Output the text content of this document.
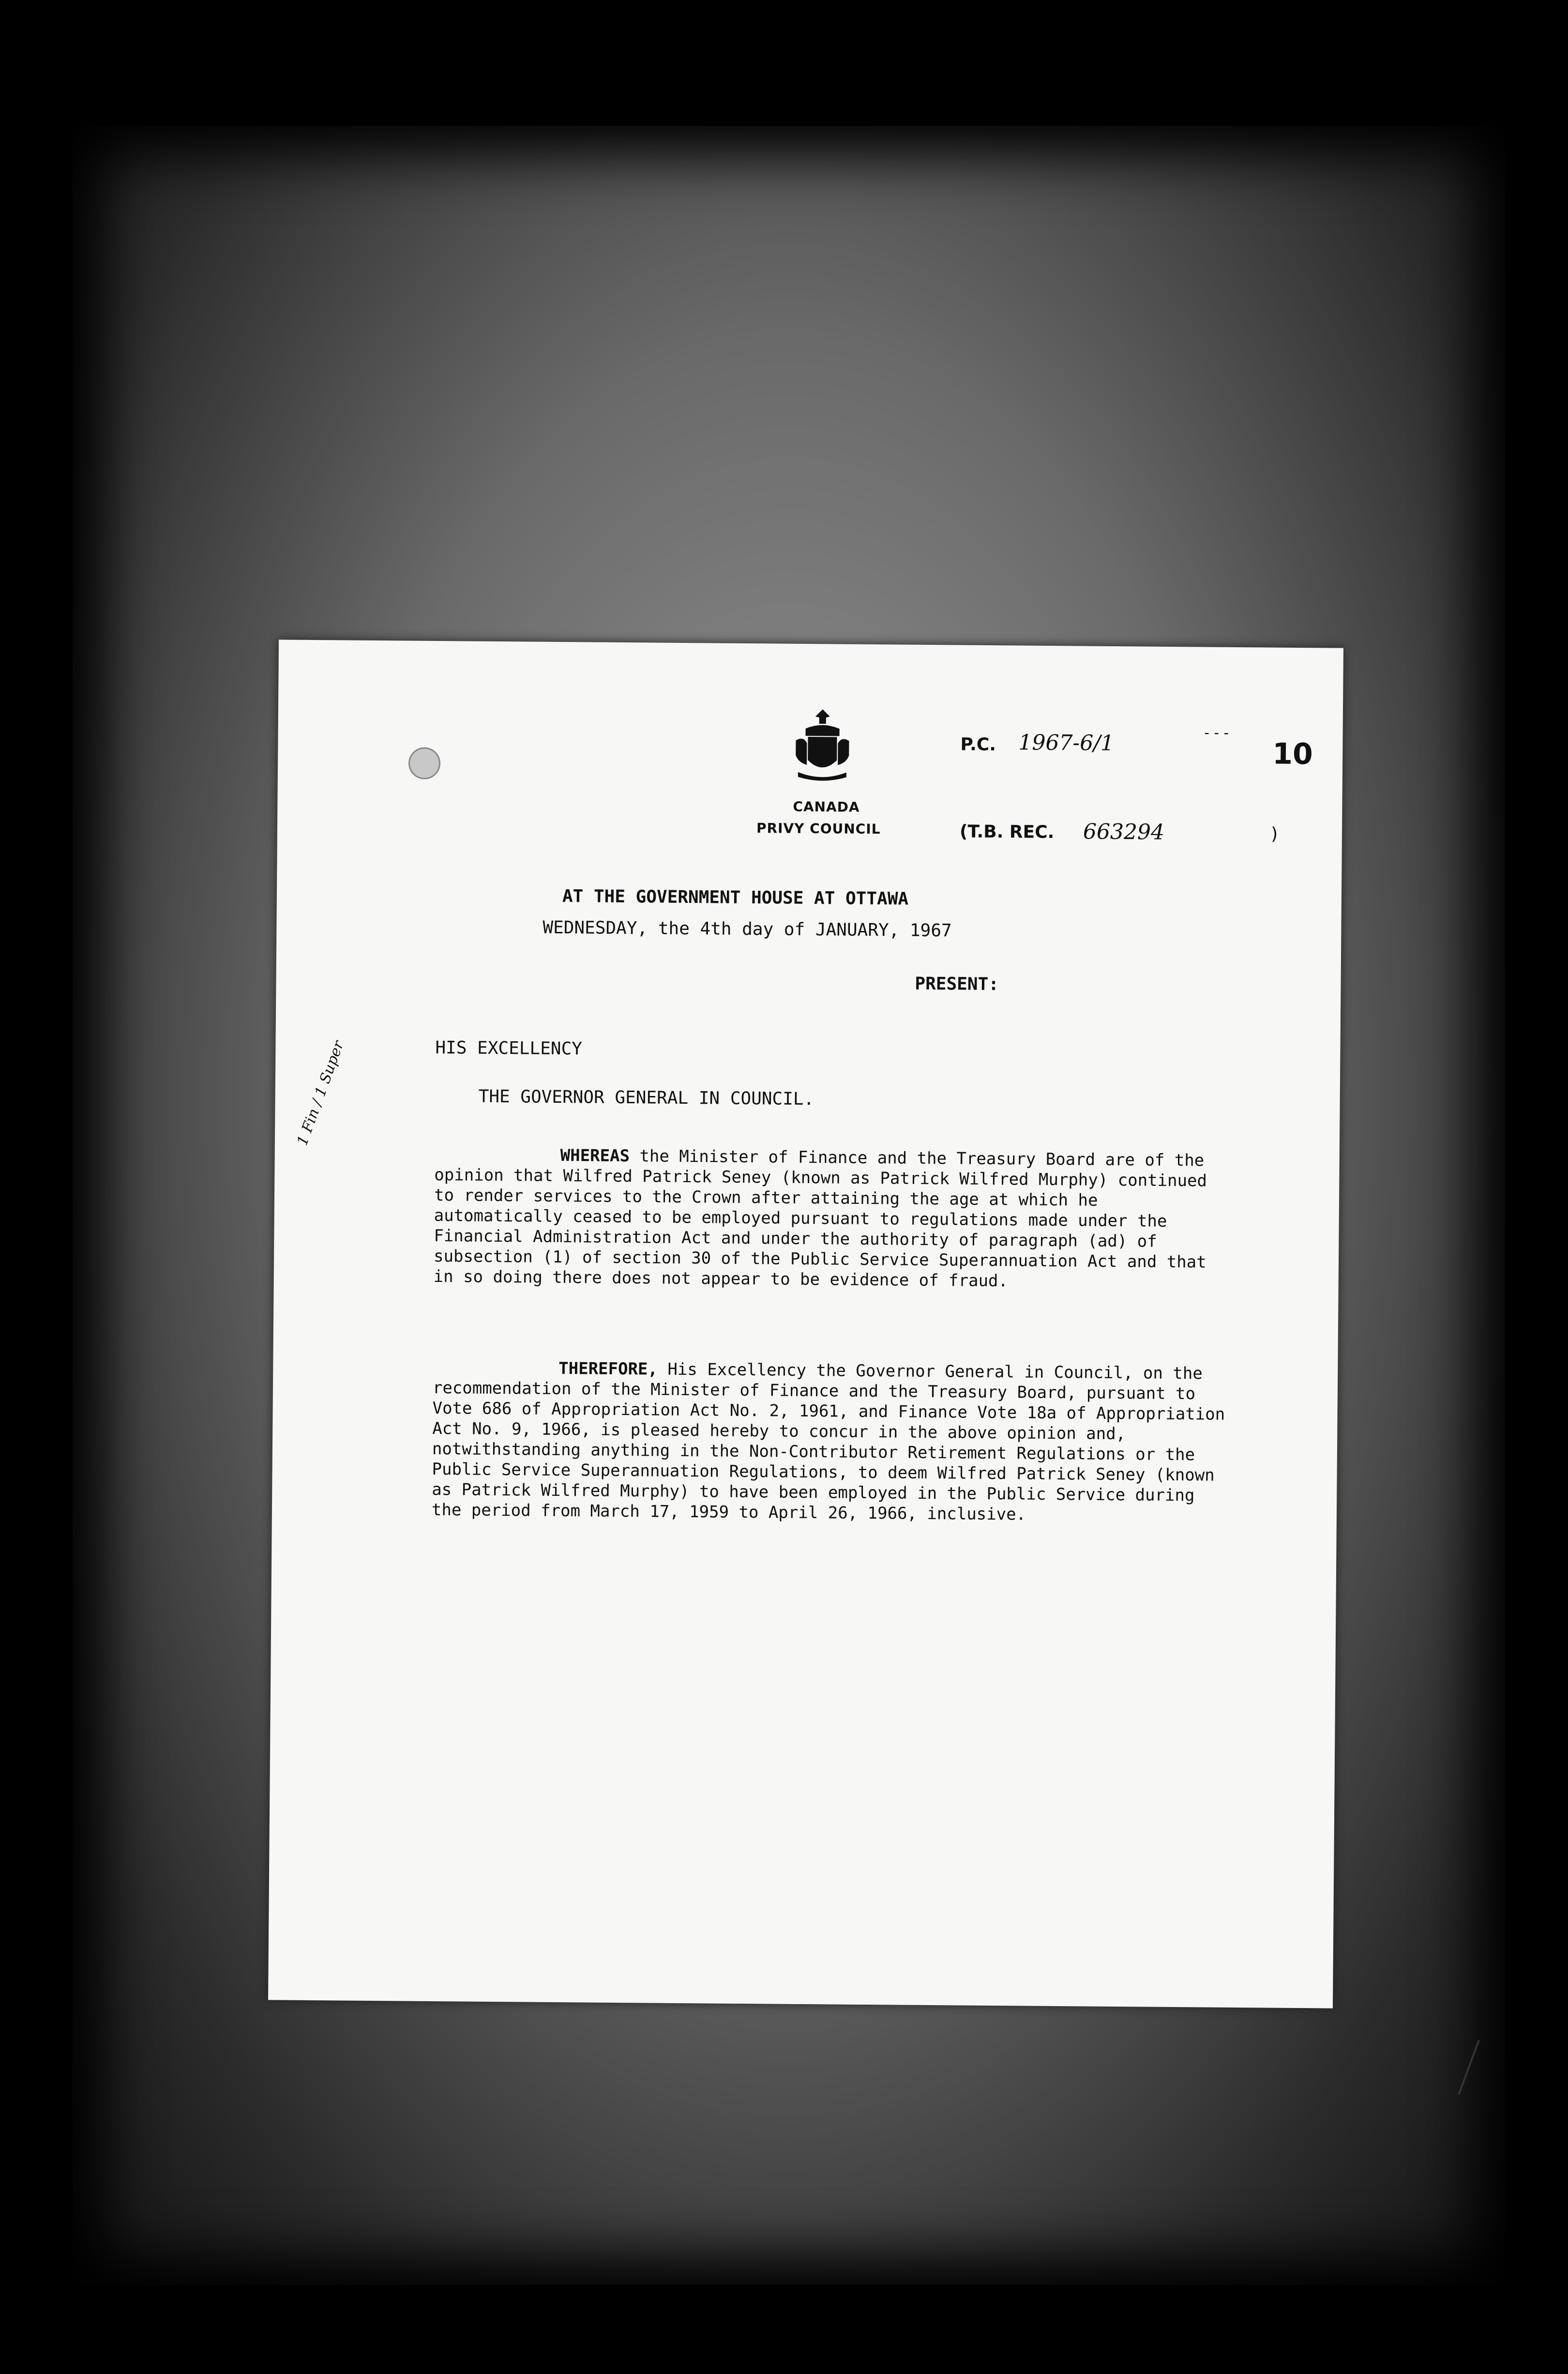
CANADA
PRIVY COUNCIL
P.C. 1967-6/1	---
10
(T.B. REC. 663294	)
AT THE GOVERNMENT HOUSE AT OTTAWA
WEDNESDAY, the 4th day of JANUARY, 1967
PRESENT:
HIS EXCELLENCY
THE GOVERNOR GENERAL IN COUNCIL.

WHEREAS the Minister of Finance and the Treasury Board are of the opinion that Wilfred Patrick Seney (known as Patrick Wilfred Murphy) continued to render services to the Crown after attaining the age at which he automatically ceased to be employed pursuant to regulations made under the Financial Administration Act and under the authority of paragraph (ad) of subsection (1) of section 30 of the Public Service Superannuation Act and that in so doing there does not appear to be evidence of fraud.

THEREFORE, His Excellency the Governor General in Council, on the recommendation of the Minister of Finance and the Treasury Board, pursuant to Vote 686 of Appropriation Act No. 2, 1961, and Finance Vote 18a of Appropriation Act No. 9, 1966, is pleased hereby to concur in the above opinion and, notwithstanding anything in the Non-Contributor Retirement Regulations or the Public Service Superannuation Regulations, to deem Wilfred Patrick Seney (known as Patrick Wilfred Murphy) to have been employed in the Public Service during the period from March 17, 1959 to April 26, 1966, inclusive.

1 Fin / 1 Super
